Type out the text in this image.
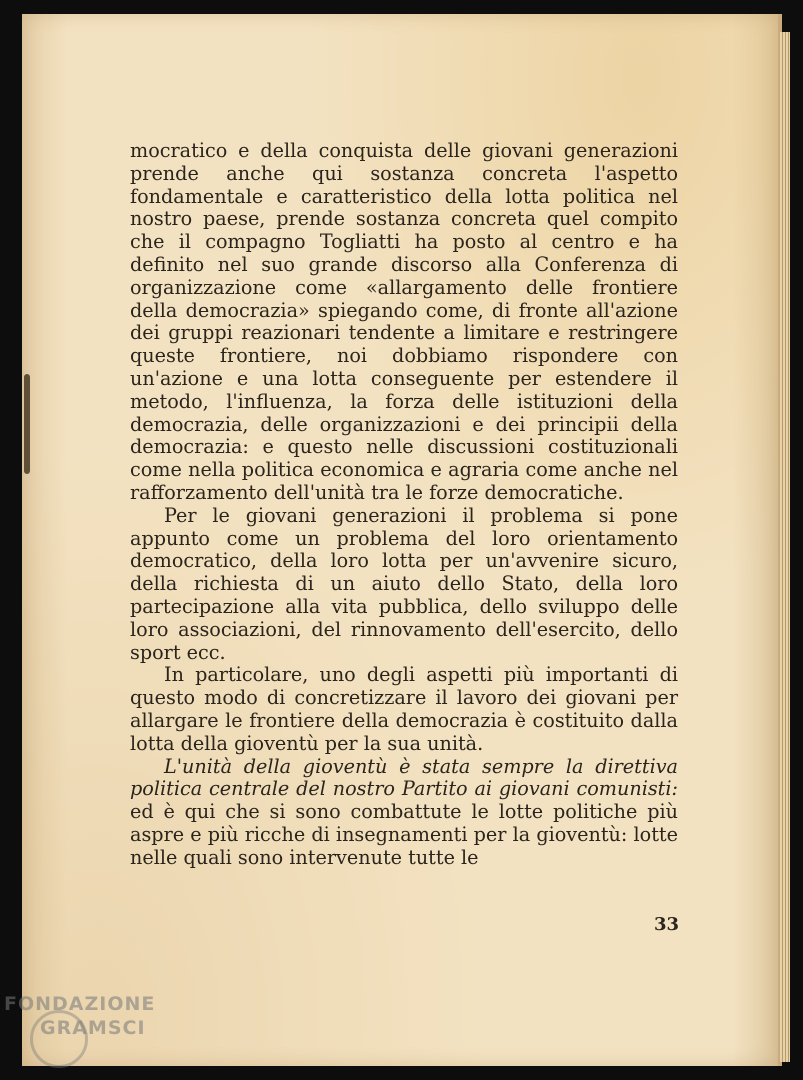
mocratico e della conquista delle giovani generazioni prende anche qui sostanza concreta l'aspetto fondamentale e caratteristico della lotta politica nel nostro paese, prende sostanza concreta quel compito che il compagno Togliatti ha posto al centro e ha definito nel suo grande discorso alla Conferenza di organizzazione come «allargamento delle frontiere della democrazia» spiegando come, di fronte all'azione dei gruppi reazionari tendente a limitare e restringere queste frontiere, noi dobbiamo rispondere con un'azione e una lotta conseguente per estendere il metodo, l'influenza, la forza delle istituzioni della democrazia, delle organizzazioni e dei principii della democrazia: e questo nelle discussioni costituzionali come nella politica economica e agraria come anche nel rafforzamento dell'unità tra le forze democratiche.

Per le giovani generazioni il problema si pone appunto come un problema del loro orientamento democratico, della loro lotta per un'avvenire sicuro, della richiesta di un aiuto dello Stato, della loro partecipazione alla vita pubblica, dello sviluppo delle loro associazioni, del rinnovamento dell'esercito, dello sport ecc.

In particolare, uno degli aspetti più importanti di questo modo di concretizzare il lavoro dei giovani per allargare le frontiere della democrazia è costituito dalla lotta della gioventù per la sua unità.

L'unità della gioventù è stata sempre la direttiva politica centrale del nostro Partito ai giovani comunisti: ed è qui che si sono combattute le lotte politiche più aspre e più ricche di insegnamenti per la gioventù: lotte nelle quali sono intervenute tutte le

33
FONDAZIONE
GRAMSCI
